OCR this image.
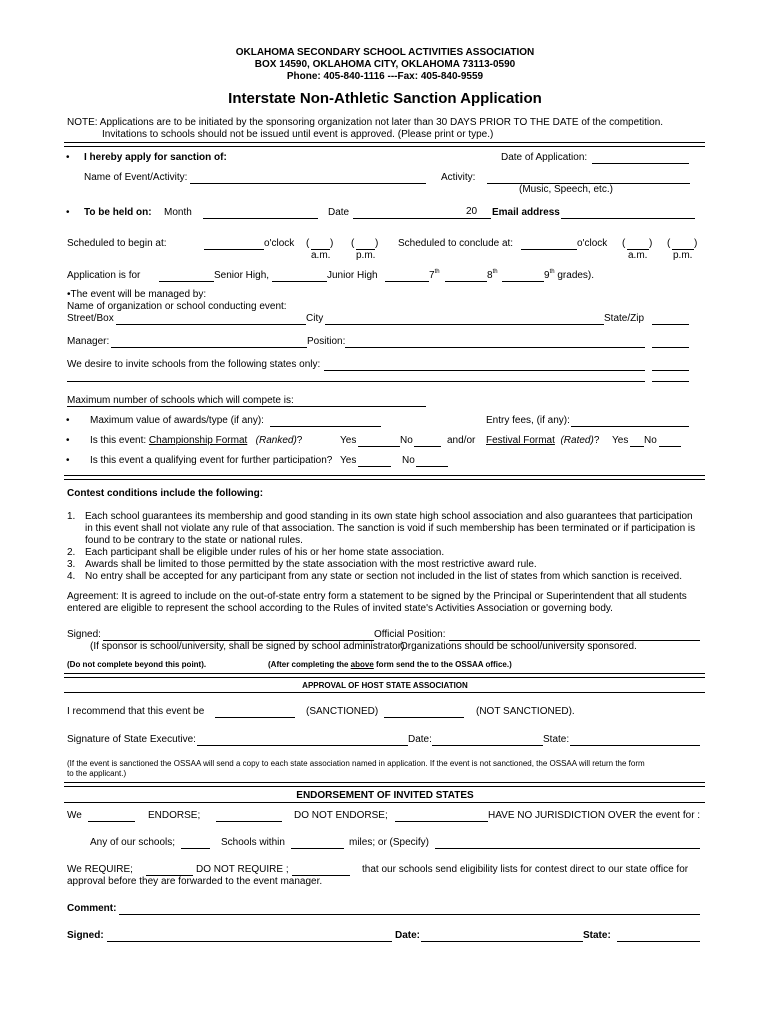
OKLAHOMA SECONDARY SCHOOL ACTIVITIES ASSOCIATION
BOX 14590, OKLAHOMA CITY, OKLAHOMA 73113-0590
Phone: 405-840-1116 ---Fax: 405-840-9559
Interstate Non-Athletic Sanction Application
NOTE: Applications are to be initiated by the sponsoring organization not later than 30 DAYS PRIOR TO THE DATE of the competition.
Invitations to schools should not be issued until event is approved. (Please print or type.)
• I hereby apply for sanction of:	Date of Application:
Name of Event/Activity:	Activity:
(Music, Speech, etc.)
• To be held on: Month	Date	20 Email address
Scheduled to begin at:	o'clock ( ) ( )
a.m.	p.m.
Scheduled to conclude at:	o'clock ( ) ( )
a.m.	p.m.
Application is for	Senior High,	Junior High	7th	8th	9th grades).
•The event will be managed by:
Name of organization or school conducting event:
Street/Box	City	State/Zip
Manager:	Position:
We desire to invite schools from the following states only:
Maximum number of schools which will compete is:
• Maximum value of awards/type (if any):	Entry fees, (if any):
• Is this event: Championship Format (Ranked)?	Yes	No	and/or Festival Format (Rated)? Yes No
• Is this event a qualifying event for further participation? Yes	No
Contest conditions include the following:
1. Each school guarantees its membership and good standing in its own state high school association and also guarantees that participation
in this event shall not violate any rule of that association. The sanction is void if such membership has been terminated or if participation is
found to be contrary to the state or national rules.
2. Each participant shall be eligible under rules of his or her home state association.
3. Awards shall be limited to those permitted by the state association with the most restrictive award rule.
4. No entry shall be accepted for any participant from any state or section not included in the list of states from which sanction is received.
Agreement: It is agreed to include on the out-of-state entry form a statement to be signed by the Principal or Superintendent that all students
entered are eligible to represent the school according to the Rules of invited state's Activities Association or governing body.
Signed:	Official Position:
(If sponsor is school/university, shall be signed by school administrator)
Organizations should be school/university sponsored.
(Do not complete beyond this point).	(After completing the above form send the to the OSSAA office.)
APPROVAL OF HOST STATE ASSOCIATION
I recommend that this event be	(SANCTIONED)	(NOT SANCTIONED).
Signature of State Executive:	Date:	State:
(If the event is sanctioned the OSSAA will send a copy to each state association named in application. If the event is not sanctioned, the OSSAA will return the form
to the applicant.)
ENDORSEMENT OF INVITED STATES
We	ENDORSE;	DO NOT ENDORSE;	HAVE NO JURISDICTION OVER the event for :
Any of our schools;	Schools within	miles; or (Specify)
We REQUIRE;	DO NOT REQUIRE ;	that our schools send eligibility lists for contest direct to our state office for
approval before they are forwarded to the event manager.
Comment:
Signed:	Date:	State:
